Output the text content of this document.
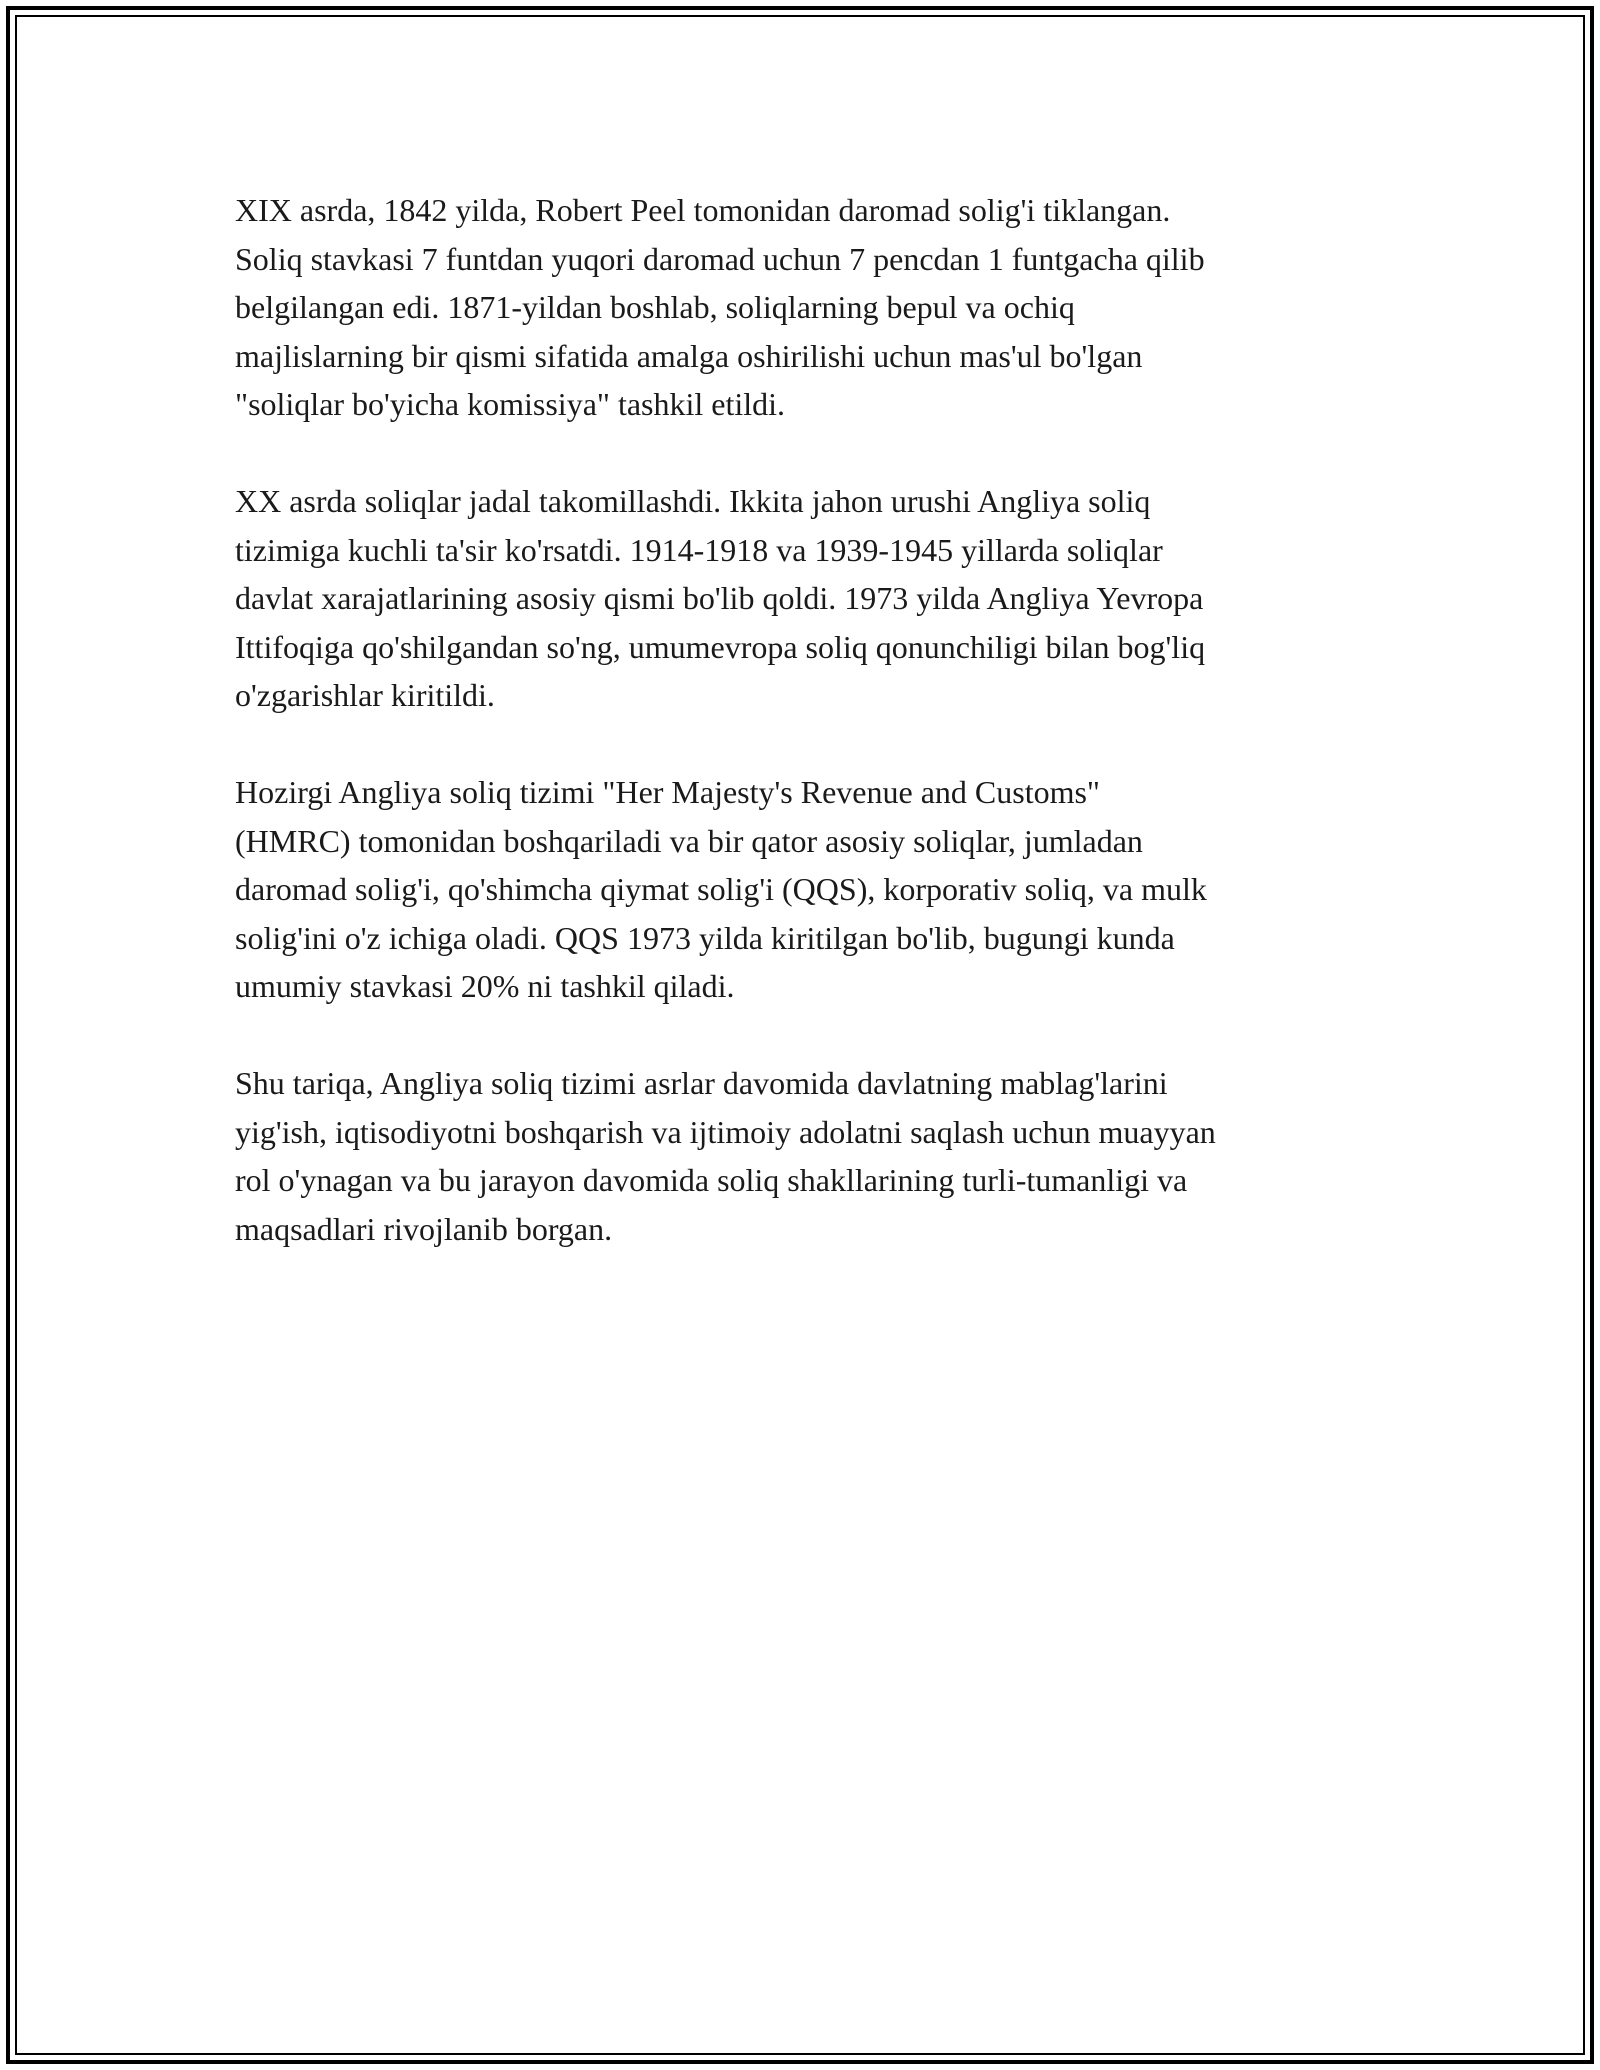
XIX asrda, 1842 yilda, Robert Peel tomonidan daromad solig'i tiklangan.
Soliq stavkasi 7 funtdan yuqori daromad uchun 7 pencdan 1 funtgacha qilib
belgilangan edi. 1871-yildan boshlab, soliqlarning bepul va ochiq
majlislarning bir qismi sifatida amalga oshirilishi uchun mas'ul bo'lgan
"soliqlar bo'yicha komissiya" tashkil etildi.

XX asrda soliqlar jadal takomillashdi. Ikkita jahon urushi Angliya soliq
tizimiga kuchli ta'sir ko'rsatdi. 1914-1918 va 1939-1945 yillarda soliqlar
davlat xarajatlarining asosiy qismi bo'lib qoldi. 1973 yilda Angliya Yevropa
Ittifoqiga qo'shilgandan so'ng, umumevropa soliq qonunchiligi bilan bog'liq
o'zgarishlar kiritildi.

Hozirgi Angliya soliq tizimi "Her Majesty's Revenue and Customs"
(HMRC) tomonidan boshqariladi va bir qator asosiy soliqlar, jumladan
daromad solig'i, qo'shimcha qiymat solig'i (QQS), korporativ soliq, va mulk
solig'ini o'z ichiga oladi. QQS 1973 yilda kiritilgan bo'lib, bugungi kunda
umumiy stavkasi 20% ni tashkil qiladi.

Shu tariqa, Angliya soliq tizimi asrlar davomida davlatning mablag'larini
yig'ish, iqtisodiyotni boshqarish va ijtimoiy adolatni saqlash uchun muayyan
rol o'ynagan va bu jarayon davomida soliq shakllarining turli-tumanligi va
maqsadlari rivojlanib borgan.
